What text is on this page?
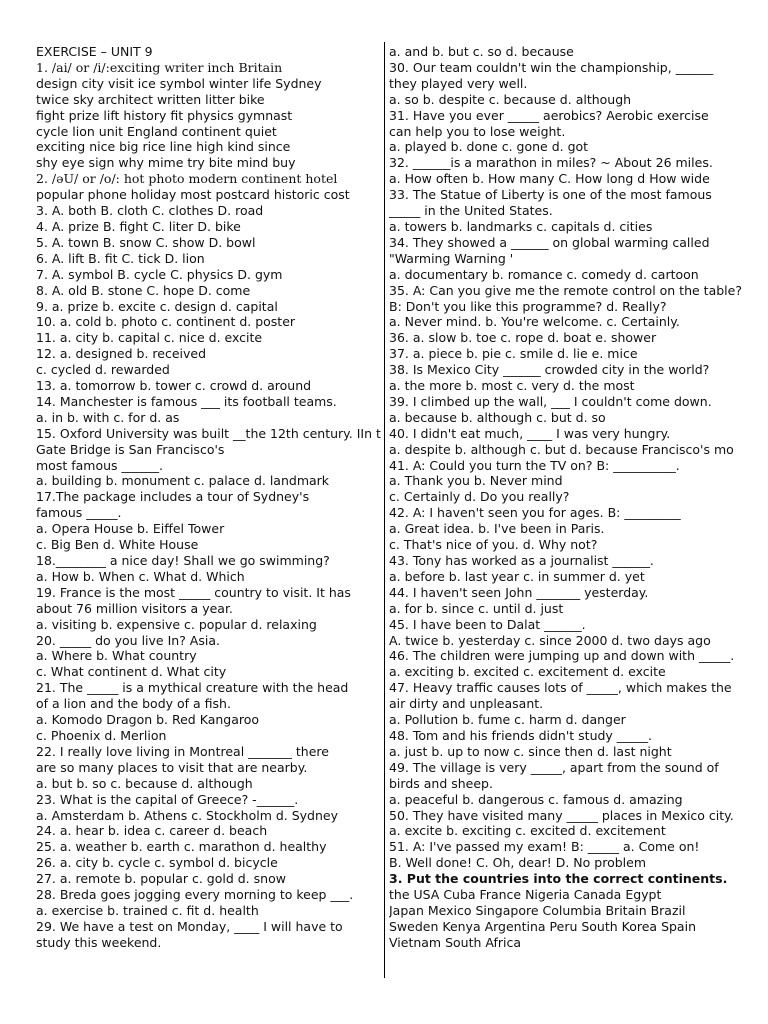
EXERCISE – UNIT 9
1. /ai/ or /i/:exciting writer inch Britain
design city visit ice symbol winter life Sydney
twice sky architect written litter bike
fight prize lift history fit physics gymnast
cycle lion unit England continent quiet
exciting nice big rice line high kind since
shy eye sign why mime try bite mind buy
2. /əU/ or /o/: hot photo modern continent hotel
popular phone holiday most postcard historic cost
3. A. both B. cloth C. clothes D. road
4. A. prize B. fight C. liter D. bike
5. A. town B. snow C. show D. bowl
6. A. lift B. fit C. tick D. lion
7. A. symbol B. cycle C. physics D. gym
8. A. old B. stone C. hope D. come
9. a. prize b. excite c. design d. capital
10. a. cold b. photo c. continent d. poster
11. a. city b. capital c. nice d. excite
12. a. designed b. received
c. cycled d. rewarded
13. a. tomorrow b. tower c. crowd d. around
14. Manchester is famous ___ its football teams.
a. in b. with c. for d. as
15. Oxford University was built __the 12th century. IIn t
Gate Bridge is San Francisco's
most famous ______.
a. building b. monument c. palace d. landmark
17.The package includes a tour of Sydney's
famous _____.
a. Opera House b. Eiffel Tower
c. Big Ben d. White House
18.________ a nice day! Shall we go swimming?
a. How b. When c. What d. Which
19. France is the most _____ country to visit. It has
about 76 million visitors a year.
a. visiting b. expensive c. popular d. relaxing
20. _____ do you live In? Asia.
a. Where b. What country
c. What continent d. What city
21. The _____ is a mythical creature with the head
of a lion and the body of a fish.
a. Komodo Dragon b. Red Kangaroo
c. Phoenix d. Merlion
22. I really love living in Montreal _______ there
are so many places to visit that are nearby.
a. but b. so c. because d. although
23. What is the capital of Greece? -______.
a. Amsterdam b. Athens c. Stockholm d. Sydney
24. a. hear b. idea c. career d. beach
25. a. weather b. earth c. marathon d. healthy
26. a. city b. cycle c. symbol d. bicycle
27. a. remote b. popular c. gold d. snow
28. Breda goes jogging every morning to keep ___.
a. exercise b. trained c. fit d. health
29. We have a test on Monday, ____ I will have to
study this weekend.
a. and b. but c. so d. because
30. Our team couldn't win the championship, ______
they played very well.
a. so b. despite c. because d. although
31. Have you ever _____ aerobics? Aerobic exercise
can help you to lose weight.
a. played b. done c. gone d. got
32. ______is a marathon in miles? ~ About 26 miles.
a. How often b. How many C. How long d How wide
33. The Statue of Liberty is one of the most famous
_____ in the United States.
a. towers b. landmarks c. capitals d. cities
34. They showed a ______ on global warming called
"Warming Warning '
a. documentary b. romance c. comedy d. cartoon
35. A: Can you give me the remote control on the table?
B: Don't you like this programme? d. Really?
a. Never mind. b. You're welcome. c. Certainly.
36. a. slow b. toe c. rope d. boat e. shower
37. a. piece b. pie c. smile d. lie e. mice
38. Is Mexico City ______ crowded city in the world?
a. the more b. most c. very d. the most
39. I climbed up the wall, ___ I couldn't come down.
a. because b. although c. but d. so
40. I didn't eat much, ____ I was very hungry.
a. despite b. although c. but d. because Francisco's mo
41. A: Could you turn the TV on? B: __________.
a. Thank you b. Never mind
c. Certainly d. Do you really?
42. A: I haven't seen you for ages. B: _________
a. Great idea. b. I've been in Paris.
c. That's nice of you. d. Why not?
43. Tony has worked as a journalist ______.
a. before b. last year c. in summer d. yet
44. I haven't seen John _______ yesterday.
a. for b. since c. until d. just
45. I have been to Dalat ______.
A. twice b. yesterday c. since 2000 d. two days ago
46. The children were jumping up and down with _____.
a. exciting b. excited c. excitement d. excite
47. Heavy traffic causes lots of _____, which makes the
air dirty and unpleasant.
a. Pollution b. fume c. harm d. danger
48. Tom and his friends didn't study _____.
a. just b. up to now c. since then d. last night
49. The village is very _____, apart from the sound of
birds and sheep.
a. peaceful b. dangerous c. famous d. amazing
50. They have visited many _____ places in Mexico city.
a. excite b. exciting c. excited d. excitement
51. A: I've passed my exam! B: _____ a. Come on!
B. Well done! C. Oh, dear! D. No problem
3. Put the countries into the correct continents.
the USA Cuba France Nigeria Canada Egypt
Japan Mexico Singapore Columbia Britain Brazil
Sweden Kenya Argentina Peru South Korea Spain
Vietnam South Africa
